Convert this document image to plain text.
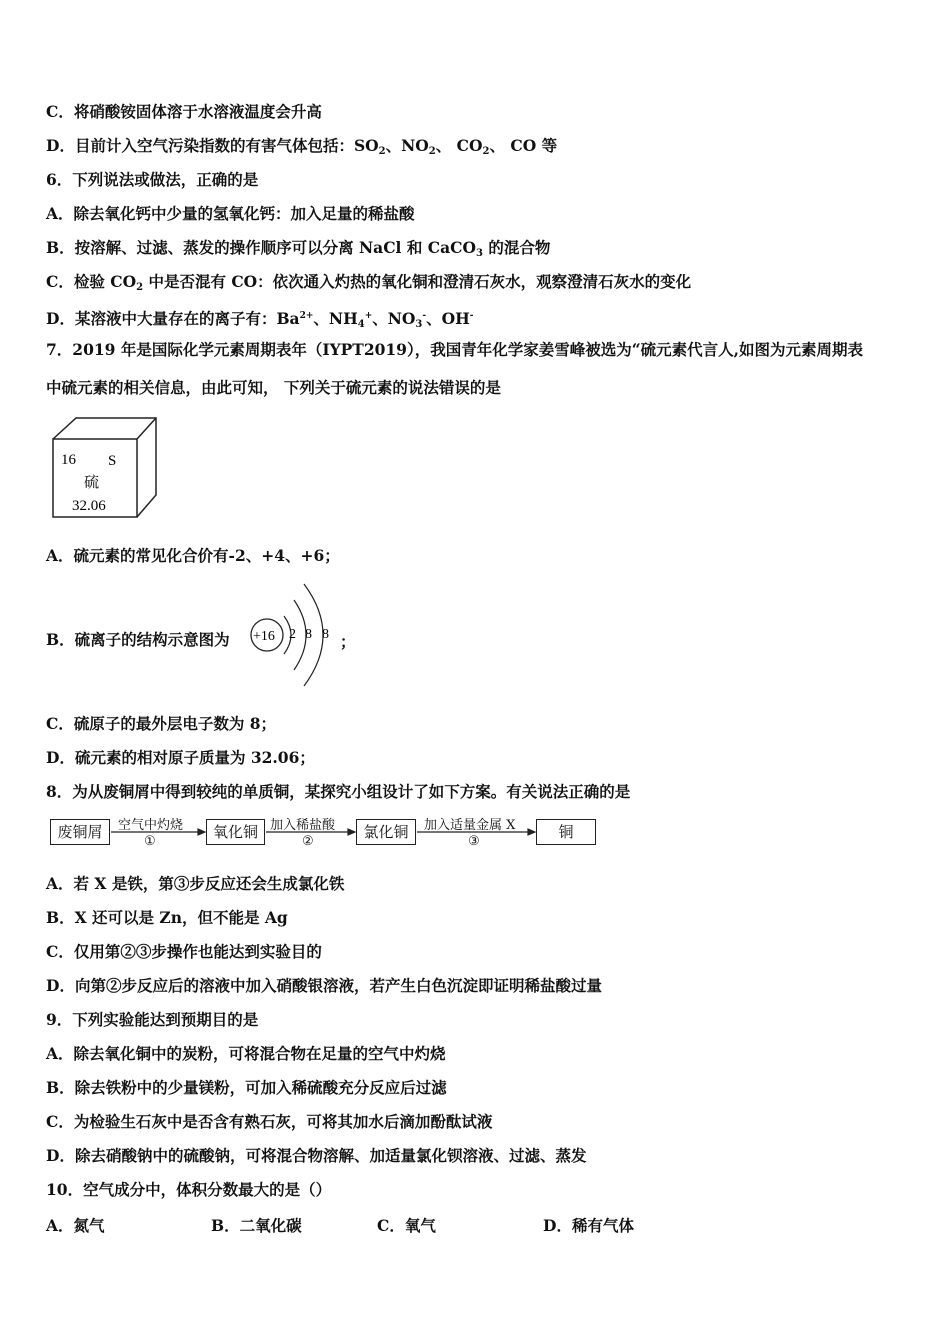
C．将硝酸铵固体溶于水溶液温度会升高
D．目前计入空气污染指数的有害气体包括：$SO_2$、$NO_2$、 $CO_2$、 CO 等
6．下列说法或做法，正确的是
A．除去氧化钙中少量的氢氧化钙：加入足量的稀盐酸
B．按溶解、过滤、蒸发的操作顺序可以分离 NaCl 和 CaCO$_3$ 的混合物
C．检验 $CO_2$ 中是否混有 CO：依次通入灼热的氧化铜和澄清石灰水，观察澄清石灰水的变化
D．某溶液中大量存在的离子有：$Ba^{2+}$、$NH_4^+$、$NO_3^-$、OH-
7．2019 年是国际化学元素周期表年（IYPT2019），我国青年化学家姜雪峰被选为“硫元素代言人,如图为元素周期表
中硫元素的相关信息，由此可知， 下列关于硫元素的说法错误的是
16 S
硫
32.06
A．硫元素的常见化合价有-2、+4、+6；
B．硫离子的结构示意图为 +16 2 8 8 ；
C．硫原子的最外层电子数为 8；
D．硫元素的相对原子质量为 32.06；
8．为从废铜屑中得到较纯的单质铜，某探究小组设计了如下方案。有关说法正确的是
废铜屑	氧化铜	氯化铜	铜
空气中灼烧
①
加入稀盐酸
②
加入适量金属 X
③
A．若 X 是铁，第③步反应还会生成氯化铁
B．X 还可以是 Zn，但不能是 Ag
C．仅用第②③步操作也能达到实验目的
D．向第②步反应后的溶液中加入硝酸银溶液，若产生白色沉淀即证明稀盐酸过量
9．下列实验能达到预期目的是
A．除去氧化铜中的炭粉，可将混合物在足量的空气中灼烧
B．除去铁粉中的少量镁粉，可加入稀硫酸充分反应后过滤
C．为检验生石灰中是否含有熟石灰，可将其加水后滴加酚酞试液
D．除去硝酸钠中的硫酸钠，可将混合物溶解、加适量氯化钡溶液、过滤、蒸发
10．空气成分中，体积分数最大的是（）
A．氮气	B．二氧化碳	C．氧气	D．稀有气体
